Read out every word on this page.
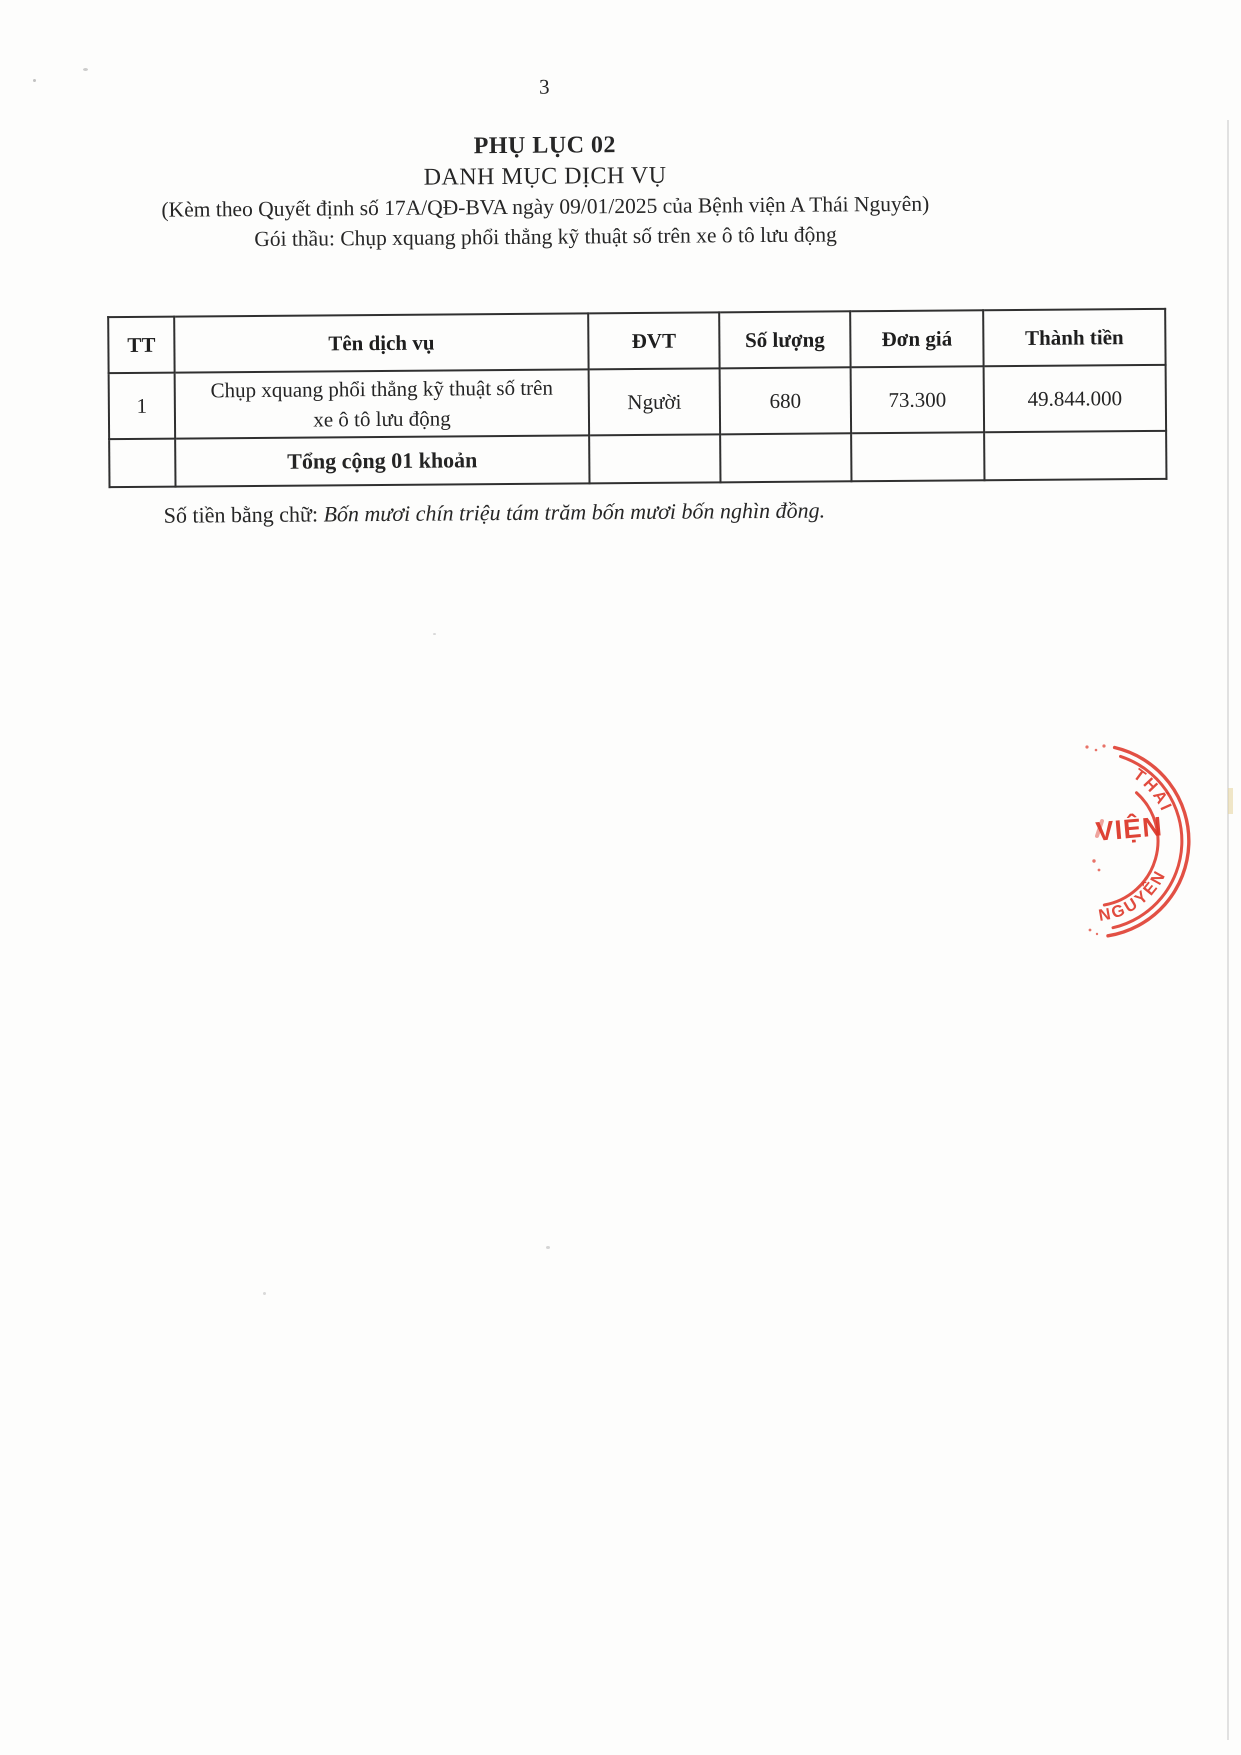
3
PHỤ LỤC 02
DANH MỤC DỊCH VỤ
(Kèm theo Quyết định số 17A/QĐ-BVA ngày 09/01/2025 của Bệnh viện A Thái Nguyên)
Gói thầu: Chụp xquang phổi thẳng kỹ thuật số trên xe ô tô lưu động
TT	Tên dịch vụ	ĐVT	Số lượng	Đơn giá	Thành tiền
1	Chụp xquang phổi thẳng kỹ thuật số trên xe ô tô lưu động	Người	680	73.300	49.844.000
	Tổng cộng 01 khoản				
Số tiền bằng chữ: Bốn mươi chín triệu tám trăm bốn mươi bốn nghìn đồng.
THÁI
NGUYÊN
VIỆN
